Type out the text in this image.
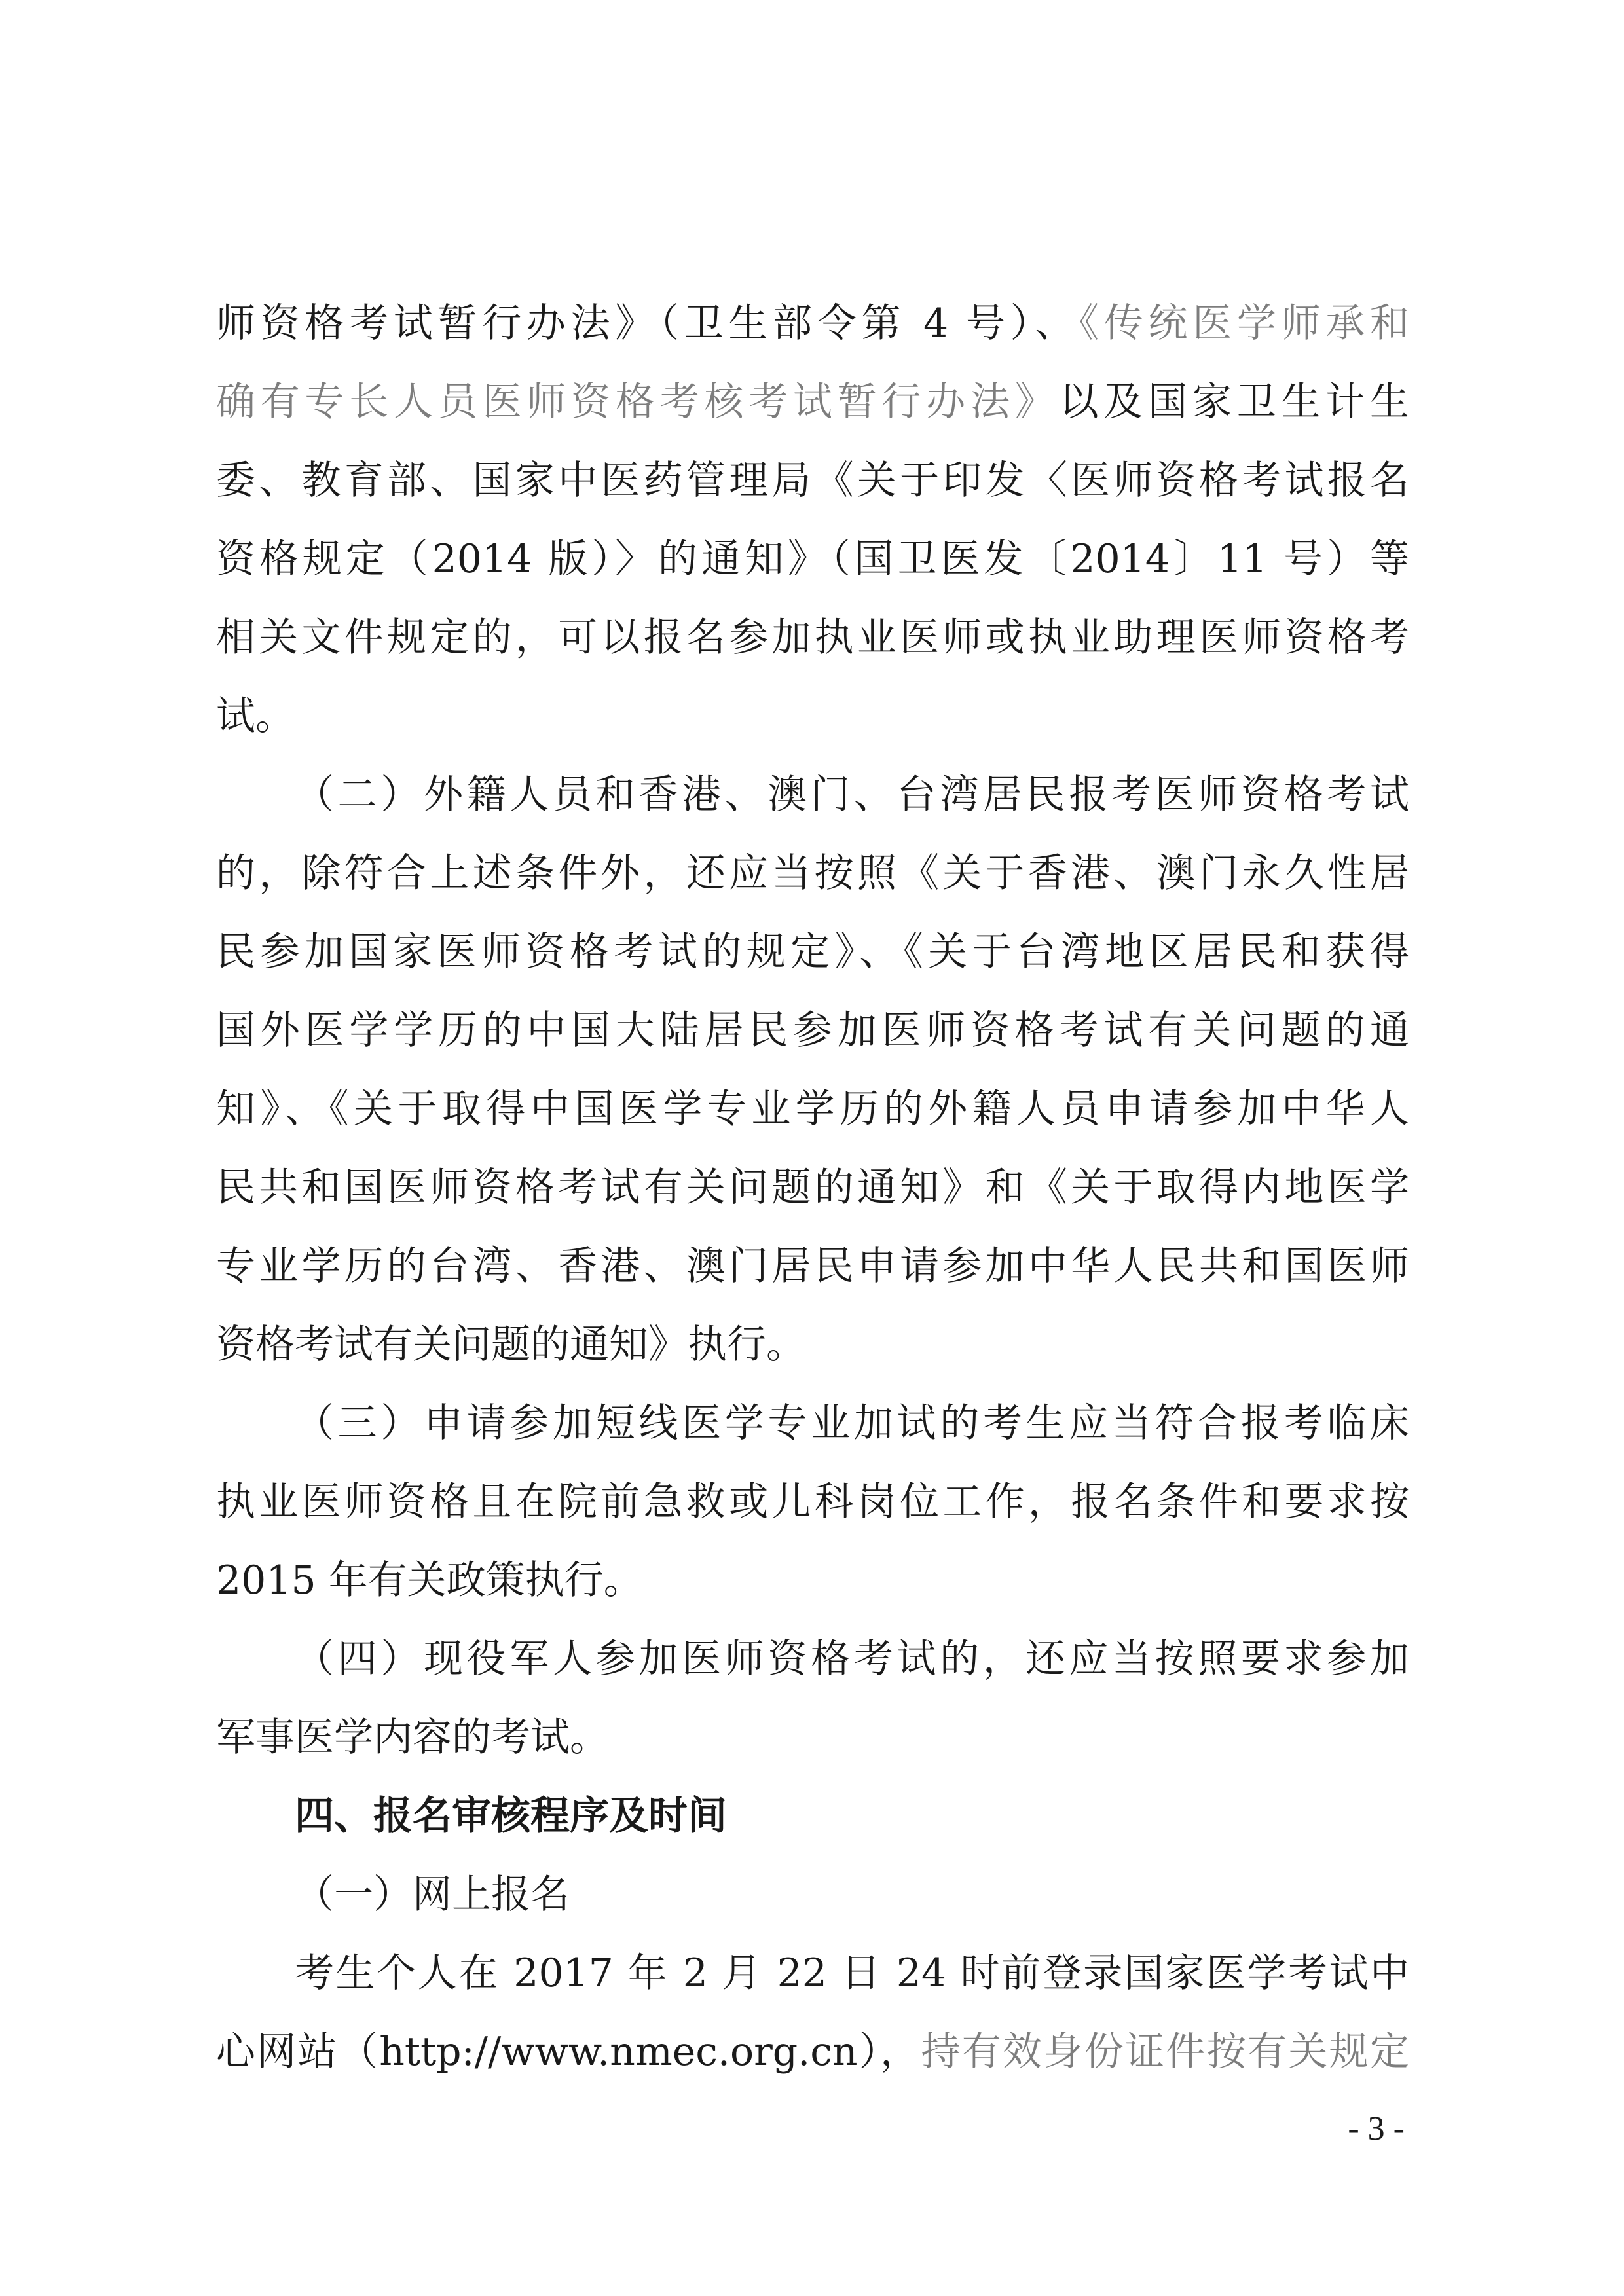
师资格考试暂行办法》（卫生部令第 4 号）、《传统医学师承和
确有专长人员医师资格考核考试暂行办法》以及国家卫生计生
委、教育部、国家中医药管理局《关于印发〈医师资格考试报名
资格规定（2014 版）〉的通知》（国卫医发〔2014〕11 号）等
相关文件规定的，可以报名参加执业医师或执业助理医师资格考
试。
（二）外籍人员和香港、澳门、台湾居民报考医师资格考试
的，除符合上述条件外，还应当按照《关于香港、澳门永久性居
民参加国家医师资格考试的规定》、《关于台湾地区居民和获得
国外医学学历的中国大陆居民参加医师资格考试有关问题的通
知》、《关于取得中国医学专业学历的外籍人员申请参加中华人
民共和国医师资格考试有关问题的通知》和《关于取得内地医学
专业学历的台湾、香港、澳门居民申请参加中华人民共和国医师
资格考试有关问题的通知》执行。
（三）申请参加短线医学专业加试的考生应当符合报考临床
执业医师资格且在院前急救或儿科岗位工作，报名条件和要求按
2015 年有关政策执行。
（四）现役军人参加医师资格考试的，还应当按照要求参加
军事医学内容的考试。
四、报名审核程序及时间
（一）网上报名
考生个人在 2017 年 2 月 22 日 24 时前登录国家医学考试中
心网站（http://www.nmec.org.cn），持有效身份证件按有关规定
- 3 -
